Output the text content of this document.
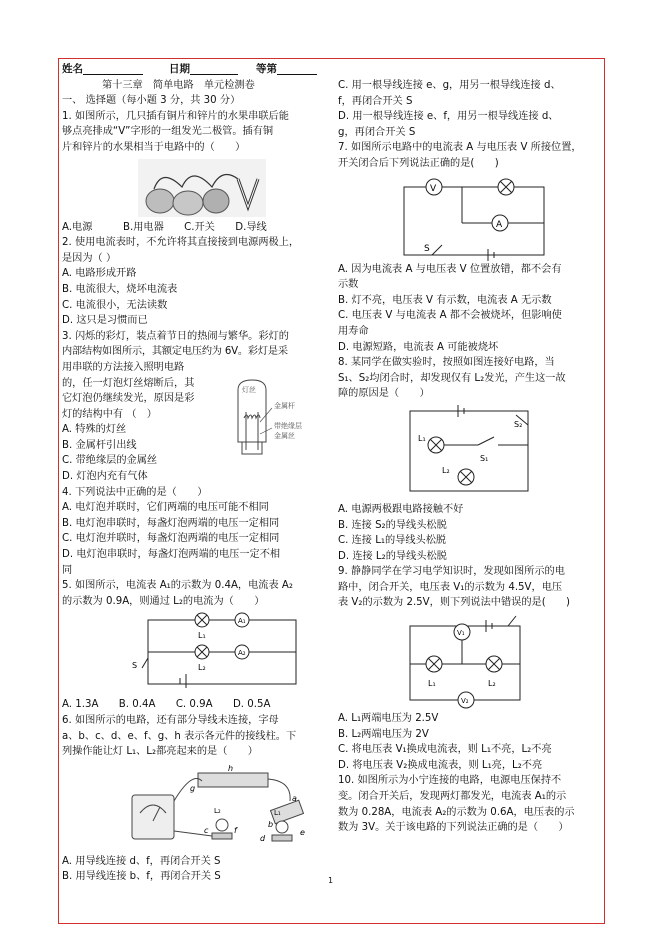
姓名	日期	等第

第十三章　简单电路　单元检测卷

一、 选择题（每小题 3 分，共 30 分）

1. 如图所示，几只插有铜片和锌片的水果串联后能

够点亮排成“V”字形的一组发光二极管。插有铜

片和锌片的水果相当于电路中的（　　）

A.电源　　　B.用电器　　C.开关　　D.导线

2. 使用电流表时，不允许将其直接接到电源两极上，

是因为（ ）

A. 电路形成开路

B. 电流很大，烧坏电流表

C. 电流很小，无法读数

D. 这只是习惯而已

3. 闪烁的彩灯，装点着节日的热闹与繁华。彩灯的

内部结构如图所示，其额定电压约为 6V。彩灯是采

用串联的方法接入照明电路

的，任一灯泡灯丝熔断后，其

它灯泡仍继续发光，原因是彩

灯的结构中有 （　）

A. 特殊的灯丝

B. 金属杆引出线

C. 带绝缘层的金属丝

D. 灯泡内充有气体

灯丝
金属杆
带绝缘层
金属丝

4. 下列说法中正确的是（　　）

A. 电灯泡并联时，它们两端的电压可能不相同

B. 电灯泡串联时，每盏灯泡两端的电压一定相同

C. 电灯泡并联时，每盏灯泡两端的电压一定相同

D. 电灯泡串联时，每盏灯泡两端的电压一定不相

同

5. 如图所示，电流表 A₁的示数为 0.4A，电流表 A₂

的示数为 0.9A，则通过 L₂的电流为（　　）

L₁
A₁
S	L₂
A₂

A. 1.3A　　B. 0.4A　　C. 0.9A　　D. 0.5A

6. 如图所示的电路，还有部分导线未连接，字母

a、b、c、d、e、f、g、h 表示各元件的接线柱。下

列操作能让灯 L₁、L₂都亮起来的是（　　）

h
g
a
L₂
c
L₁
b
e
f
d

A. 用导线连接 d、f，再闭合开关 S

B. 用导线连接 b、f，再闭合开关 S

C. 用一根导线连接 e、g，用另一根导线连接 d、

f，再闭合开关 S

D. 用一根导线连接 e、f，用另一根导线连接 d、

g，再闭合开关 S

7. 如图所示电路中的电流表 A 与电压表 V 所接位置，

开关闭合后下列说法正确的是(　　)

V
A
S

A. 因为电流表 A 与电压表 V 位置放错，都不会有

示数

B. 灯不亮，电压表 V 有示数，电流表 A 无示数

C. 电压表 V 与电流表 A 都不会被烧坏，但影响使

用寿命

D. 电源短路，电流表 A 可能被烧坏

8. 某同学在做实验时，按照如图连接好电路，当

S₁、S₂均闭合时，却发现仅有 L₂发光，产生这一故

障的原因是（　　）

S₂
L₁
S₁
L₂

A. 电源两极跟电路接触不好

B. 连接 S₂的导线头松脱

C. 连接 L₁的导线头松脱

D. 连接 L₂的导线头松脱

9. 静静同学在学习电学知识时，发现如图所示的电

路中，闭合开关，电压表 V₁的示数为 4.5V，电压

表 V₂的示数为 2.5V，则下列说法中错误的是(　　)

V₁
L₁	L₂
V₂

A. L₁两端电压为 2.5V

B. L₂两端电压为 2V

C. 将电压表 V₁换成电流表，则 L₁不亮，L₂不亮

D. 将电压表 V₂换成电流表，则 L₁亮，L₂不亮

10. 如图所示为小宁连接的电路，电源电压保持不

变。闭合开关后，发现两灯都发光，电流表 A₁的示

数为 0.28A，电流表 A₂的示数为 0.6A，电压表的示

数为 3V。关于该电路的下列说法正确的是（　　）

1
